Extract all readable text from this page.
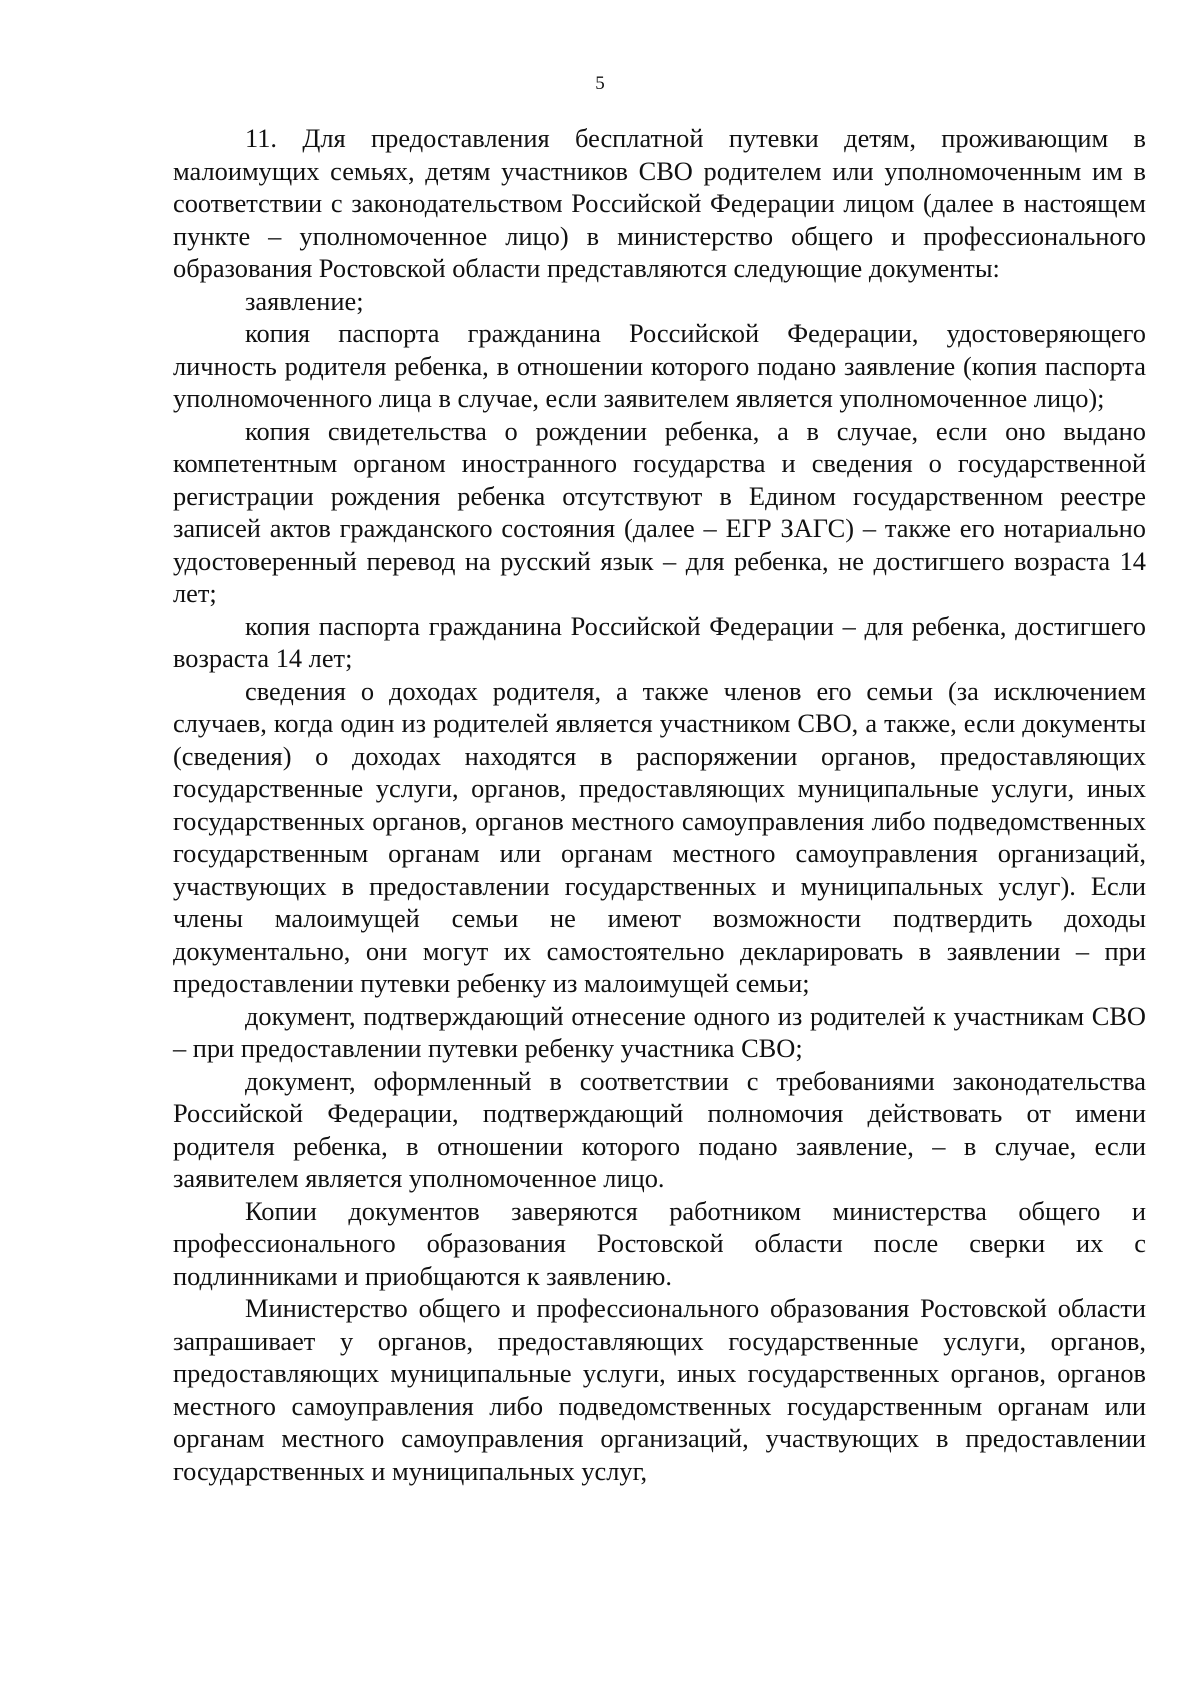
5

11. Для предоставления бесплатной путевки детям, проживающим в малоимущих семьях, детям участников СВО родителем или уполномоченным им в соответствии с законодательством Российской Федерации лицом (далее в настоящем пункте – уполномоченное лицо) в министерство общего и профессионального образования Ростовской области представляются следующие документы:

заявление;

копия паспорта гражданина Российской Федерации, удостоверяющего личность родителя ребенка, в отношении которого подано заявление (копия паспорта уполномоченного лица в случае, если заявителем является уполномоченное лицо);

копия свидетельства о рождении ребенка, а в случае, если оно выдано компетентным органом иностранного государства и сведения о государственной регистрации рождения ребенка отсутствуют в Едином государственном реестре записей актов гражданского состояния (далее – ЕГР ЗАГС) – также его нотариально удостоверенный перевод на русский язык – для ребенка, не достигшего возраста 14 лет;

копия паспорта гражданина Российской Федерации – для ребенка, достигшего возраста 14 лет;

сведения о доходах родителя, а также членов его семьи (за исключением случаев, когда один из родителей является участником СВО, а также, если документы (сведения) о доходах находятся в распоряжении органов, предоставляющих государственные услуги, органов, предоставляющих муниципальные услуги, иных государственных органов, органов местного самоуправления либо подведомственных государственным органам или органам местного самоуправления организаций, участвующих в предоставлении государственных и муниципальных услуг). Если члены малоимущей семьи не имеют возможности подтвердить доходы документально, они могут их самостоятельно декларировать в заявлении – при предоставлении путевки ребенку из малоимущей семьи;

документ, подтверждающий отнесение одного из родителей к участникам СВО – при предоставлении путевки ребенку участника СВО;

документ, оформленный в соответствии с требованиями законодательства Российской Федерации, подтверждающий полномочия действовать от имени родителя ребенка, в отношении которого подано заявление, – в случае, если заявителем является уполномоченное лицо.

Копии документов заверяются работником министерства общего и профессионального образования Ростовской области после сверки их с подлинниками и приобщаются к заявлению.

Министерство общего и профессионального образования Ростовской области запрашивает у органов, предоставляющих государственные услуги, органов, предоставляющих муниципальные услуги, иных государственных органов, органов местного самоуправления либо подведомственных государственным органам или органам местного самоуправления организаций, участвующих в предоставлении государственных и муниципальных услуг,
